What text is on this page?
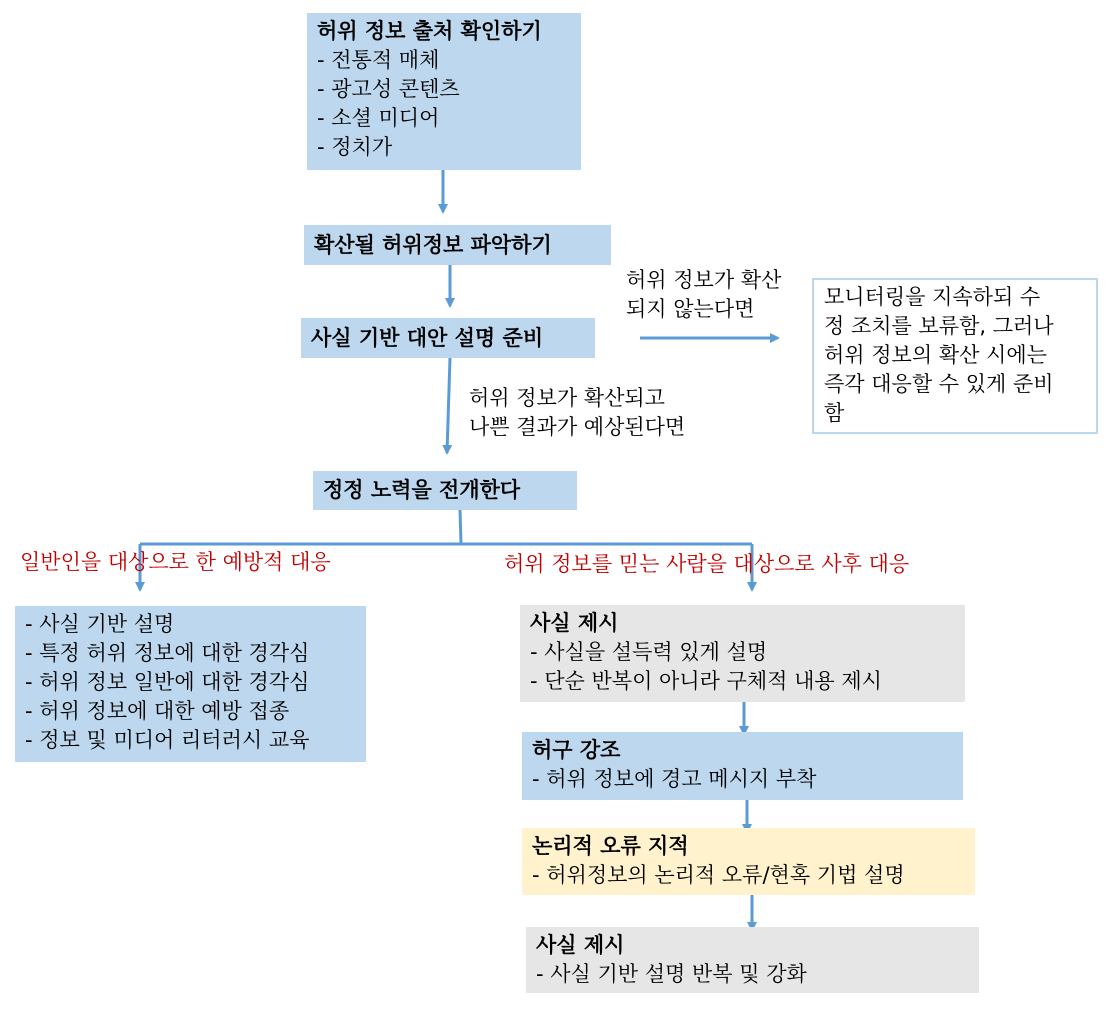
허위 정보 출처 확인하기
- 전통적 매체
- 광고성 콘텐츠
- 소셜 미디어
- 정치가
확산될 허위정보 파악하기
사실 기반 대안 설명 준비
허위 정보가 확산
되지 않는다면	모니터링을 지속하되 수
정 조치를 보류함, 그러나
허위 정보의 확산 시에는
즉각 대응할 수 있게 준비
함
허위 정보가 확산되고
나쁜 결과가 예상된다면
정정 노력을 전개한다
일반인을 대상으로 한 예방적 대응	허위 정보를 믿는 사람을 대상으로 사후 대응
- 사실 기반 설명
- 특정 허위 정보에 대한 경각심
- 허위 정보 일반에 대한 경각심
- 허위 정보에 대한 예방 접종
- 정보 및 미디어 리터러시 교육
사실 제시
- 사실을 설득력 있게 설명
- 단순 반복이 아니라 구체적 내용 제시
허구 강조
- 허위 정보에 경고 메시지 부착
논리적 오류 지적
- 허위정보의 논리적 오류/현혹 기법 설명
사실 제시
- 사실 기반 설명 반복 및 강화
